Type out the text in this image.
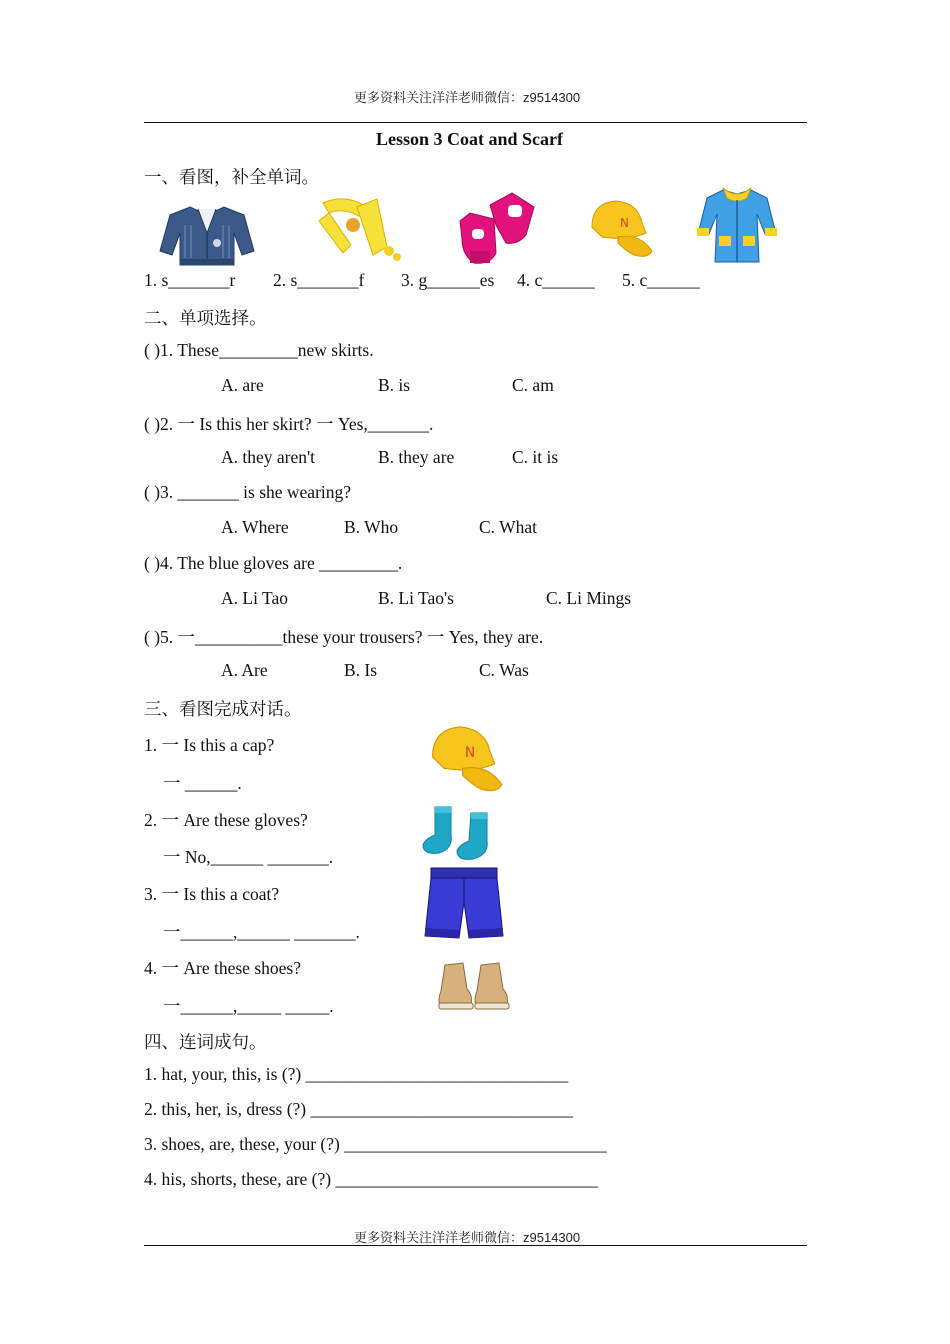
更多资料关注洋洋老师微信：z9514300
Lesson 3 Coat and Scarf
一、看图，补全单词。
N
1. s_______r 2. s_______f 3. g______es 4. c______ 5. c______
二、单项选择。
( )1. These_________new skirts.
A. are	B. is	C. am
( )2. 一 Is this her skirt? 一 Yes,_______.
A. they aren't	B. they are	C. it is
( )3. _______ is she wearing?
A. Where	B. Who	C. What
( )4. The blue gloves are _________.
A. Li Tao	B. Li Tao's	C. Li Mings
( )5. 一__________these your trousers? 一 Yes, they are.
A. Are	B. Is	C. Was
三、看图完成对话。
1. 一 Is this a cap?
一 ______.
2. 一 Are these gloves?
一 No,______ _______.
3. 一 Is this a coat?
一______,______ _______.
4. 一 Are these shoes?
一______,_____ _____.
N
四、连词成句。
1. hat, your, this, is (?) ______________________________
2. this, her, is, dress (?) ______________________________
3. shoes, are, these, your (?) ______________________________
4. his, shorts, these, are (?) ______________________________
更多资料关注洋洋老师微信：z9514300
